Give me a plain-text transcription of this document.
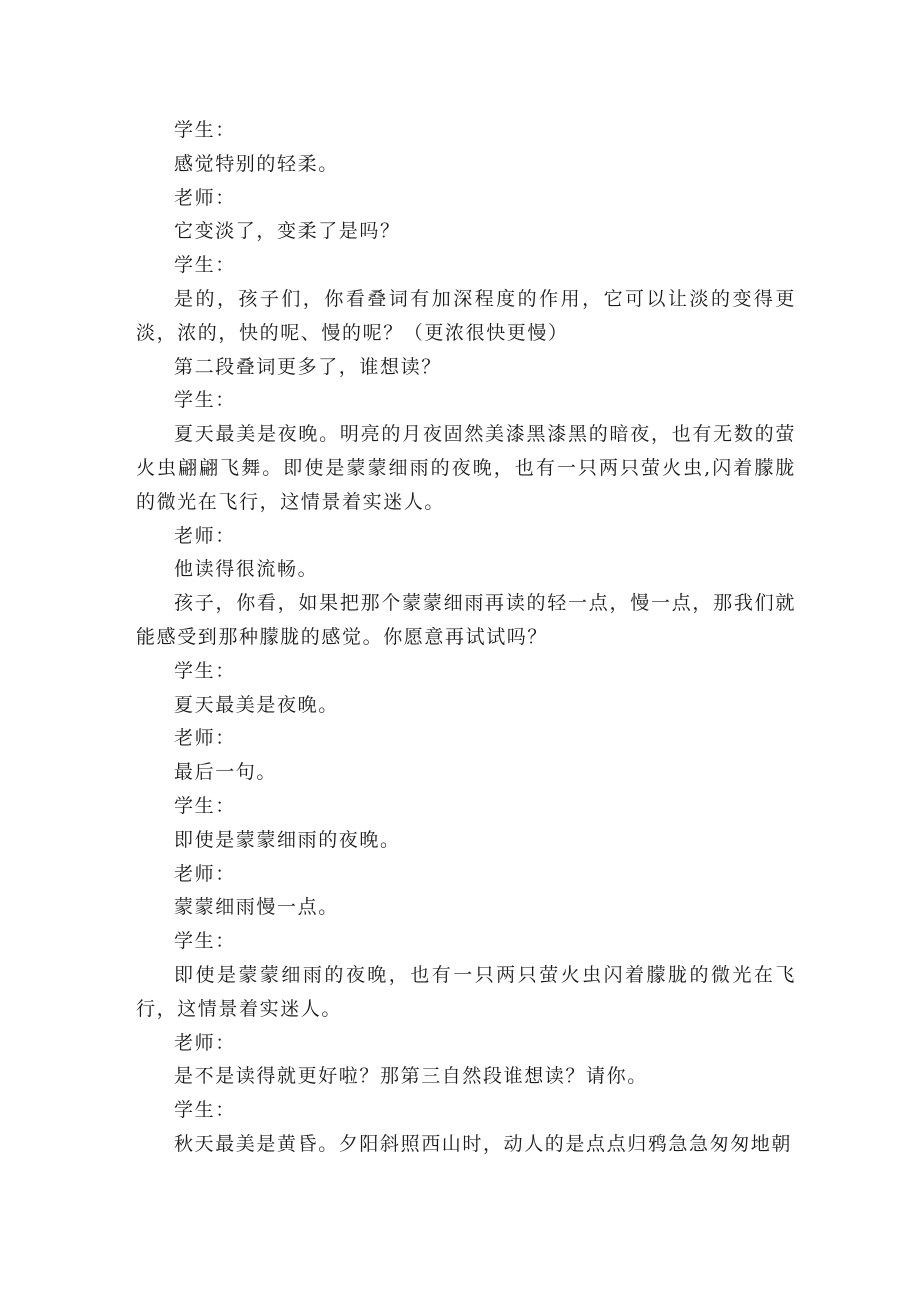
学生：

感觉特别的轻柔。

老师：

它变淡了，变柔了是吗？

学生：

是的，孩子们，你看叠词有加深程度的作用，它可以让淡的变得更淡，浓的，快的呢、慢的呢？（更浓很快更慢）

第二段叠词更多了，谁想读？

学生：

夏天最美是夜晚。明亮的月夜固然美漆黑漆黑的暗夜，也有无数的萤火虫翩翩飞舞。即使是蒙蒙细雨的夜晚，也有一只两只萤火虫,闪着朦胧的微光在飞行，这情景着实迷人。

老师：

他读得很流畅。

孩子，你看，如果把那个蒙蒙细雨再读的轻一点，慢一点，那我们就能感受到那种朦胧的感觉。你愿意再试试吗？

学生：

夏天最美是夜晚。

老师：

最后一句。

学生：

即使是蒙蒙细雨的夜晚。

老师：

蒙蒙细雨慢一点。

学生：

即使是蒙蒙细雨的夜晚，也有一只两只萤火虫闪着朦胧的微光在飞行，这情景着实迷人。

老师：

是不是读得就更好啦？那第三自然段谁想读？请你。

学生：

秋天最美是黄昏。夕阳斜照西山时，动人的是点点归鸦急急匆匆地朝
